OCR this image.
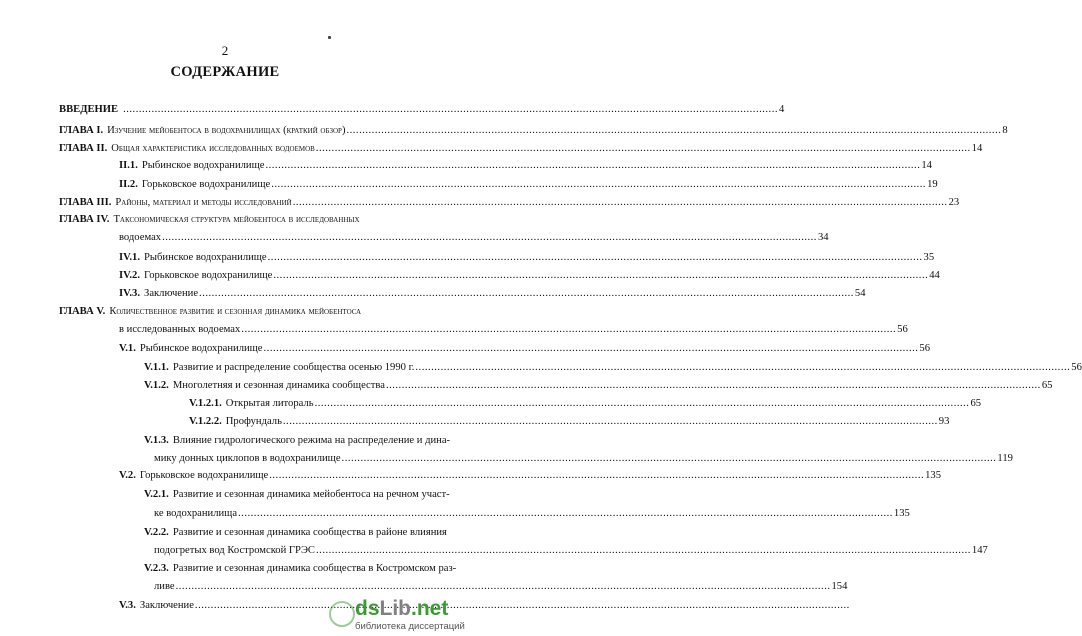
2
СОДЕРЖАНИЕ
ВВЕДЕНИЕ .....	4
ГЛАВА I. Изучение мейобентоса в водохранилищах (краткий обзор) .....	8
ГЛАВА II. Общая характеристика исследованных водоемов .....	14
II.1. Рыбинское водохранилище .....	14
II.2. Горьковское водохранилище .....	19
ГЛАВА III. Районы, материал и методы исследований .....	23
ГЛАВА IV. Таксономическая структура мейобентоса в исследованных
водоемах .....	34
IV.1. Рыбинское водохранилище .....	35
IV.2. Горьковское водохранилище .....	44
IV.3. Заключение .....	54
ГЛАВА V. Количественное развитие и сезонная динамика мейобентоса
в исследованных водоемах .....	56
V.1. Рыбинское водохранилище .....	56
V.1.1. Развитие и распределение сообщества осенью 1990 г. .....	56
V.1.2. Многолетняя и сезонная динамика сообщества .....	65
V.1.2.1. Открытая литораль .....	65
V.1.2.2. Профундаль .....	93
V.1.3. Влияние гидрологического режима на распределение и дина-
мику донных циклопов в водохранилище .....	119
V.2. Горьковское водохранилище .....	135
V.2.1. Развитие и сезонная динамика мейобентоса на речном участ-
ке водохранилища .....	135
V.2.2. Развитие и сезонная динамика сообщества в районе влияния
подогретых вод Костромской ГРЭС .....	147
V.2.3. Развитие и сезонная динамика сообщества в Костромском раз-
ливе .....	154
V.3. Заключение .....	dsLib.net
библиотека диссертаций
